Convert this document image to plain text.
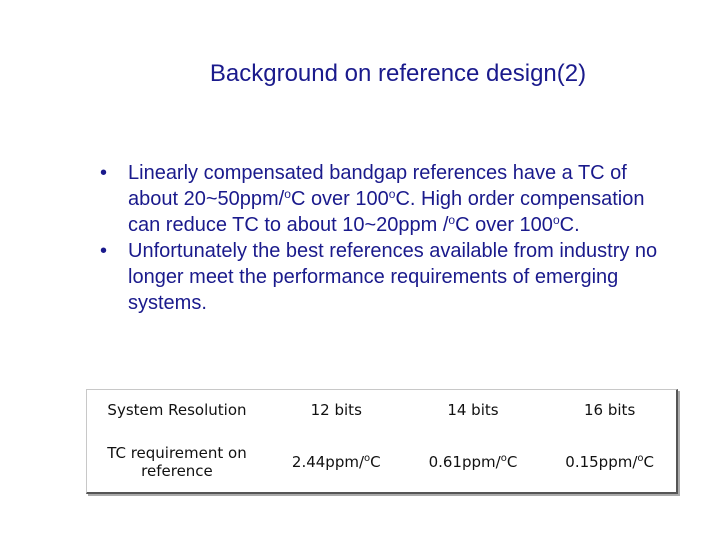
Background on reference design(2)
•	Linearly compensated bandgap references have a TC of about 20~50ppm/$^o$C over 100$^o$C. High order compensation can reduce TC to about 10~20ppm /$^o$C over 100$^o$C.
•	Unfortunately the best references available from industry no longer meet the performance requirements of emerging systems.
System Resolution	12 bits	14 bits	16 bits
TC requirement on reference	2.44ppm/$^o$C	0.61ppm/$^o$C	0.15ppm/$^o$C
